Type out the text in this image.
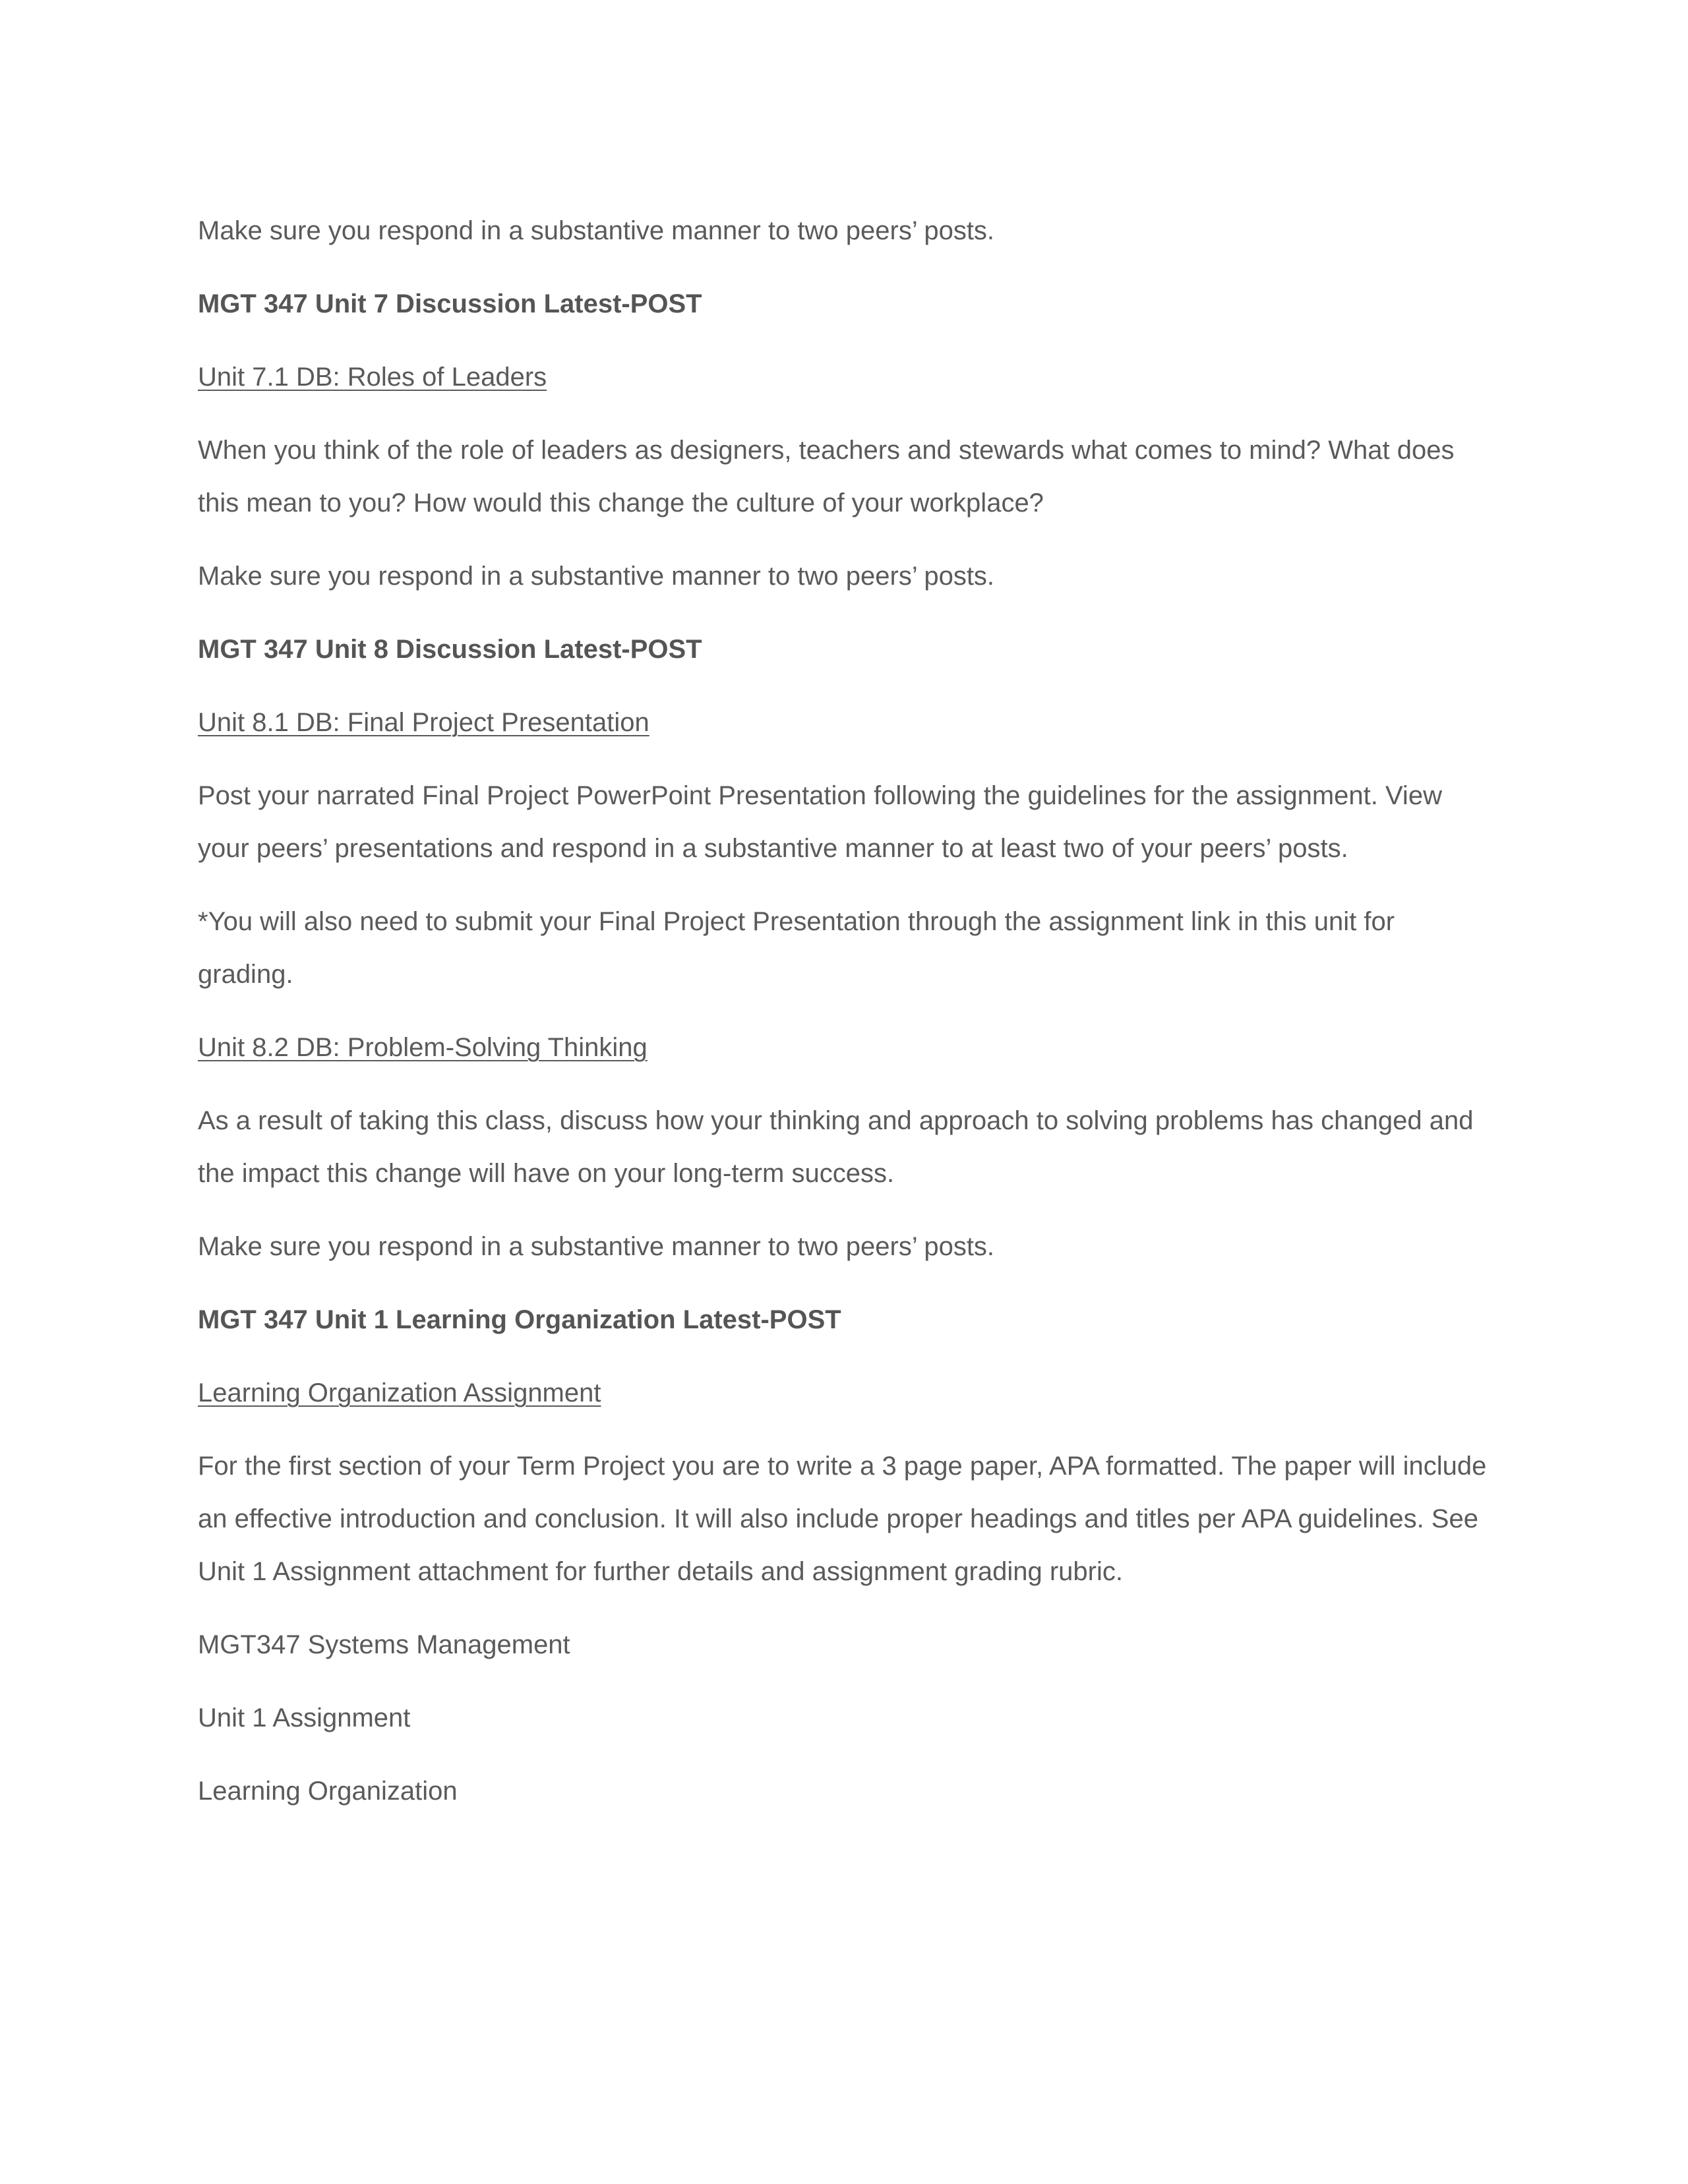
Make sure you respond in a substantive manner to two peers’ posts.
MGT 347 Unit 7 Discussion Latest-POST
Unit 7.1 DB: Roles of Leaders
When you think of the role of leaders as designers, teachers and stewards what comes to mind? What does this mean to you? How would this change the culture of your workplace?
Make sure you respond in a substantive manner to two peers’ posts.
MGT 347 Unit 8 Discussion Latest-POST
Unit 8.1 DB: Final Project Presentation
Post your narrated Final Project PowerPoint Presentation following the guidelines for the assignment. View your peers’ presentations and respond in a substantive manner to at least two of your peers’ posts.
*You will also need to submit your Final Project Presentation through the assignment link in this unit for grading.
Unit 8.2 DB: Problem-Solving Thinking
As a result of taking this class, discuss how your thinking and approach to solving problems has changed and the impact this change will have on your long-term success.
Make sure you respond in a substantive manner to two peers’ posts.
MGT 347 Unit 1 Learning Organization Latest-POST
Learning Organization Assignment
For the first section of your Term Project you are to write a 3 page paper, APA formatted. The paper will include an effective introduction and conclusion. It will also include proper headings and titles per APA guidelines. See Unit 1 Assignment attachment for further details and assignment grading rubric.
MGT347 Systems Management
Unit 1 Assignment
Learning Organization
